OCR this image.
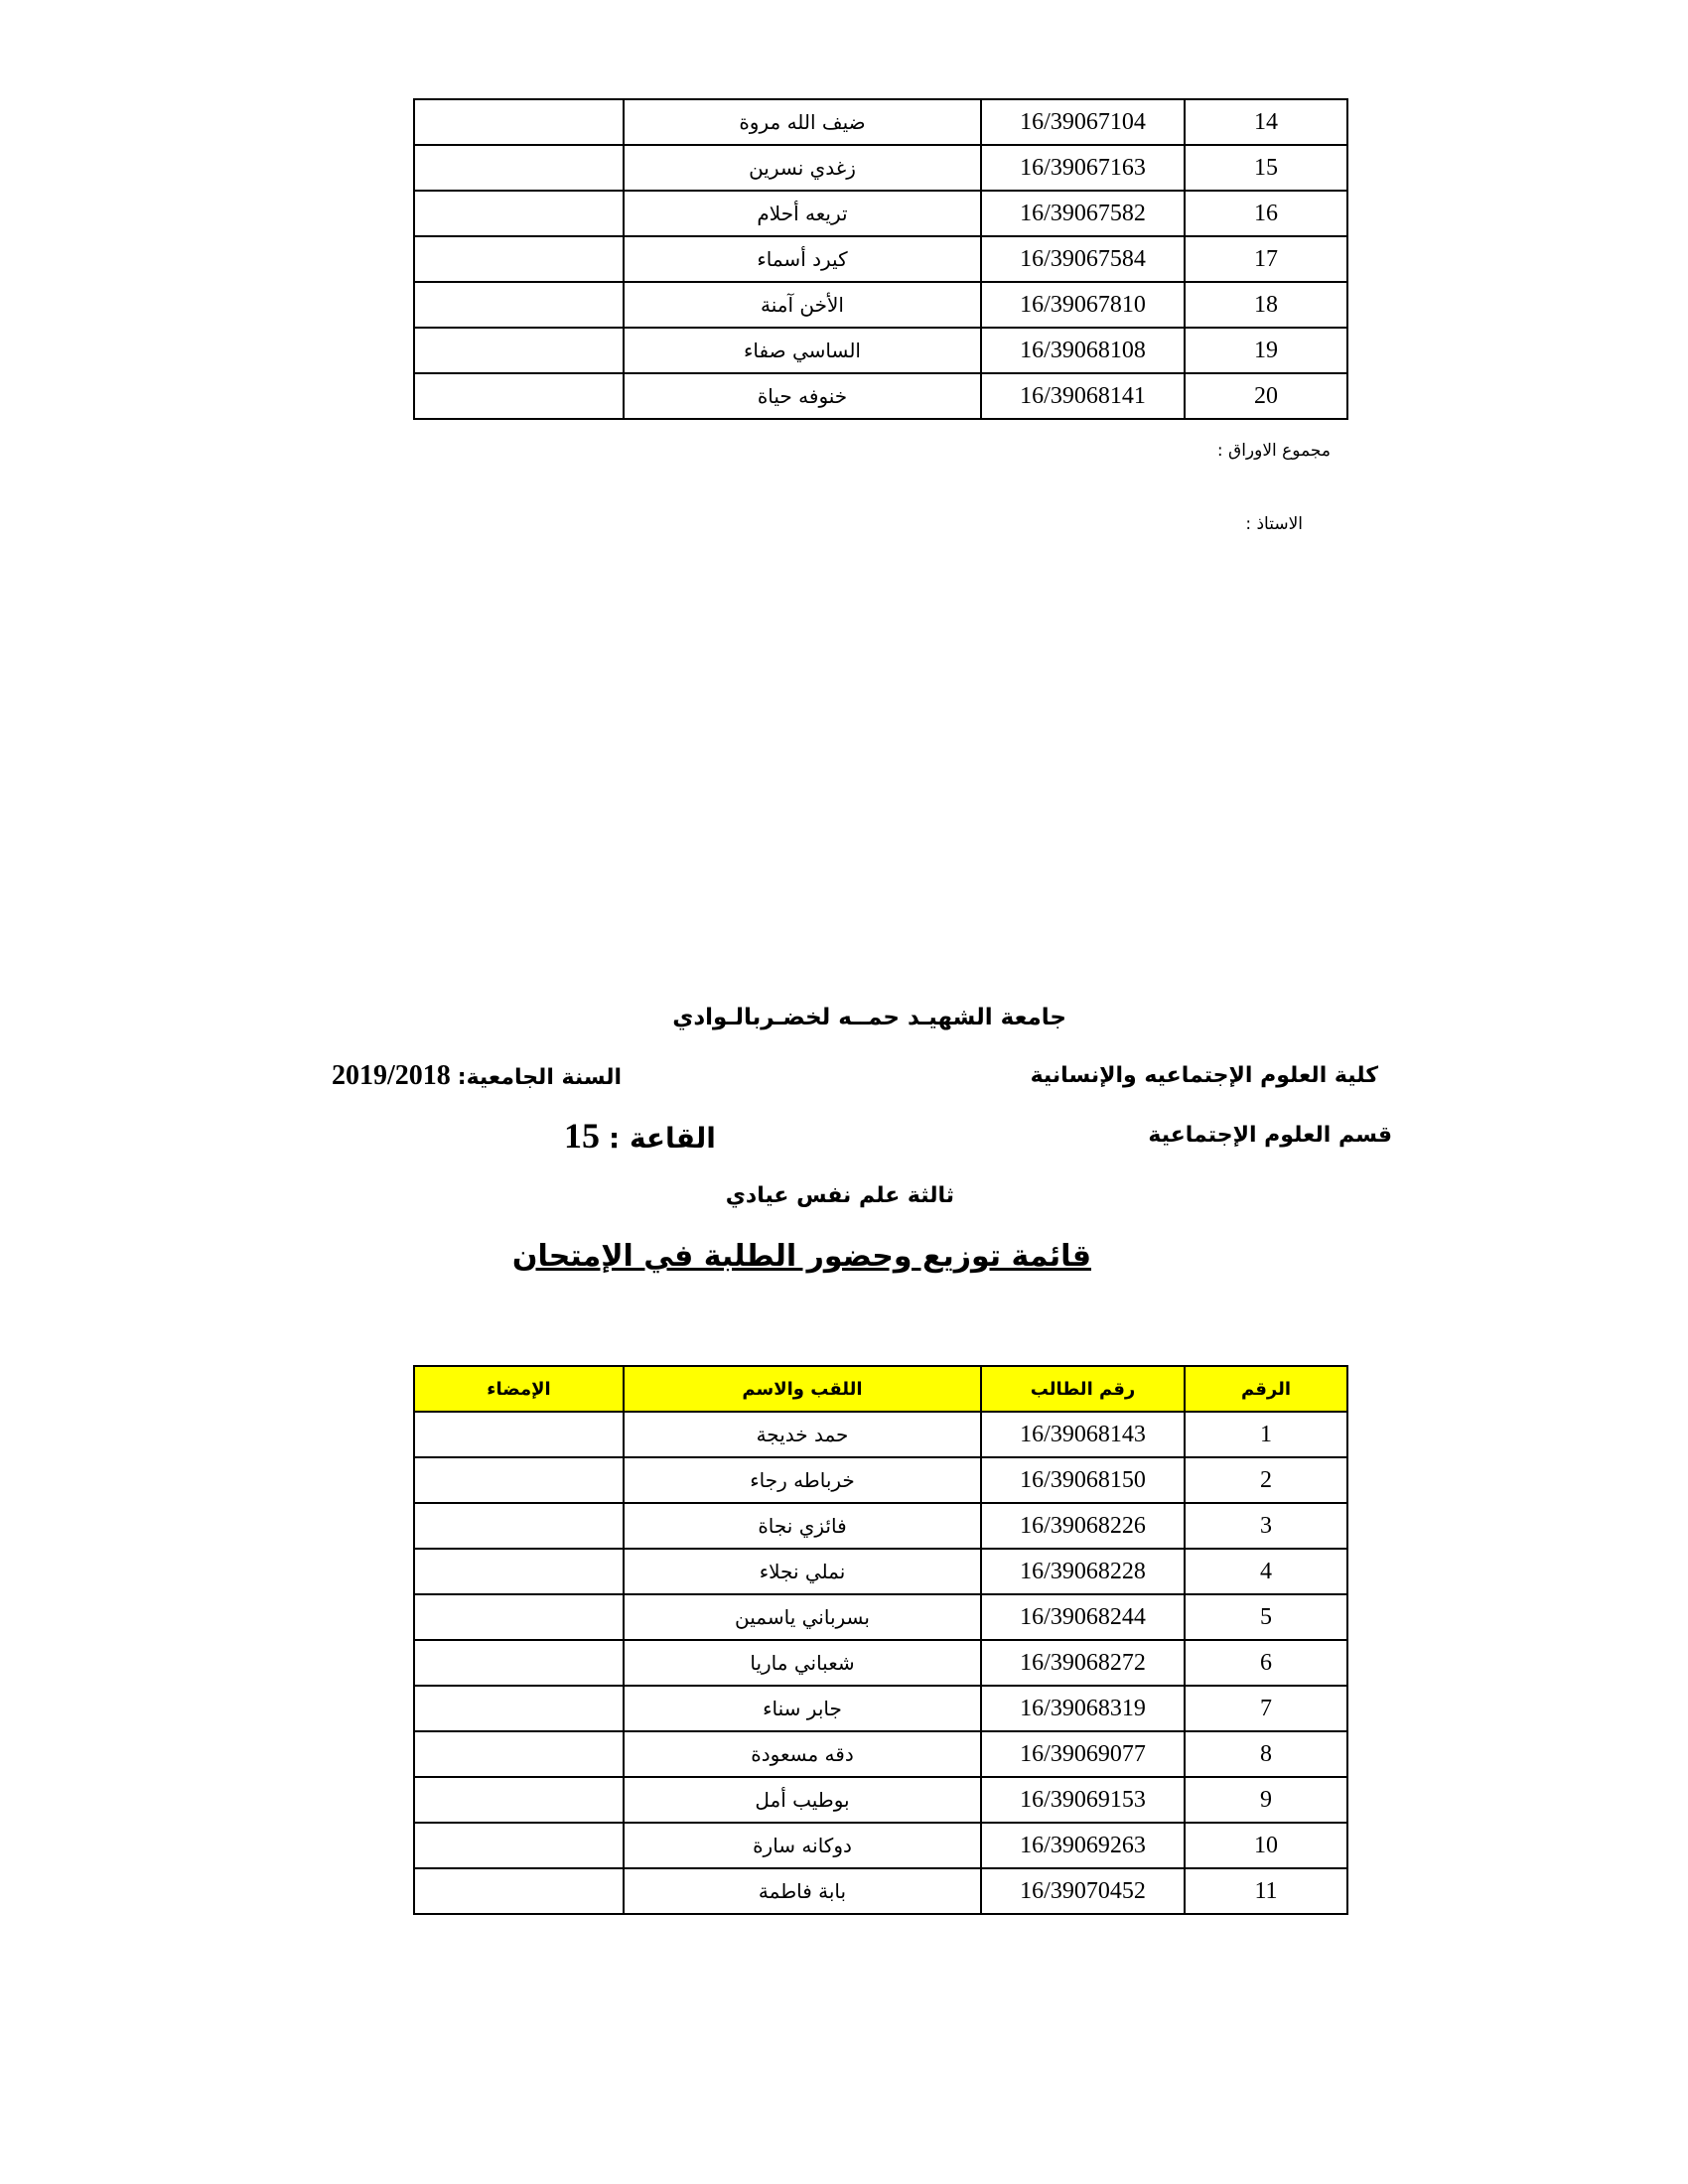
14	16/39067104	ضيف الله مروة	
15	16/39067163	زغدي نسرين	
16	16/39067582	تريعه أحلام	
17	16/39067584	كيرد أسماء	
18	16/39067810	الأخن آمنة	
19	16/39068108	الساسي صفاء	
20	16/39068141	خنوفه حياة	
مجموع الاوراق :
الاستاذ :
جامعة الشهيـد حمــه لخضـربالـوادي
كلية العلوم الإجتماعيه والإنسانية
السنة الجامعية: 2019/2018
قسم العلوم الإجتماعية
القاعة : 15
ثالثة علم نفس عيادي
قائمة توزيع وحضور الطلبة في الإمتحان
الرقم	رقم الطالب	اللقب والاسم	الإمضاء
1	16/39068143	حمد خديجة	
2	16/39068150	خرباطه رجاء	
3	16/39068226	فائزي نجاة	
4	16/39068228	نملي نجلاء	
5	16/39068244	بسرباني ياسمين	
6	16/39068272	شعباني ماريا	
7	16/39068319	جابر سناء	
8	16/39069077	دقه مسعودة	
9	16/39069153	بوطيب أمل	
10	16/39069263	دوكانه سارة	
11	16/39070452	بابة فاطمة	
